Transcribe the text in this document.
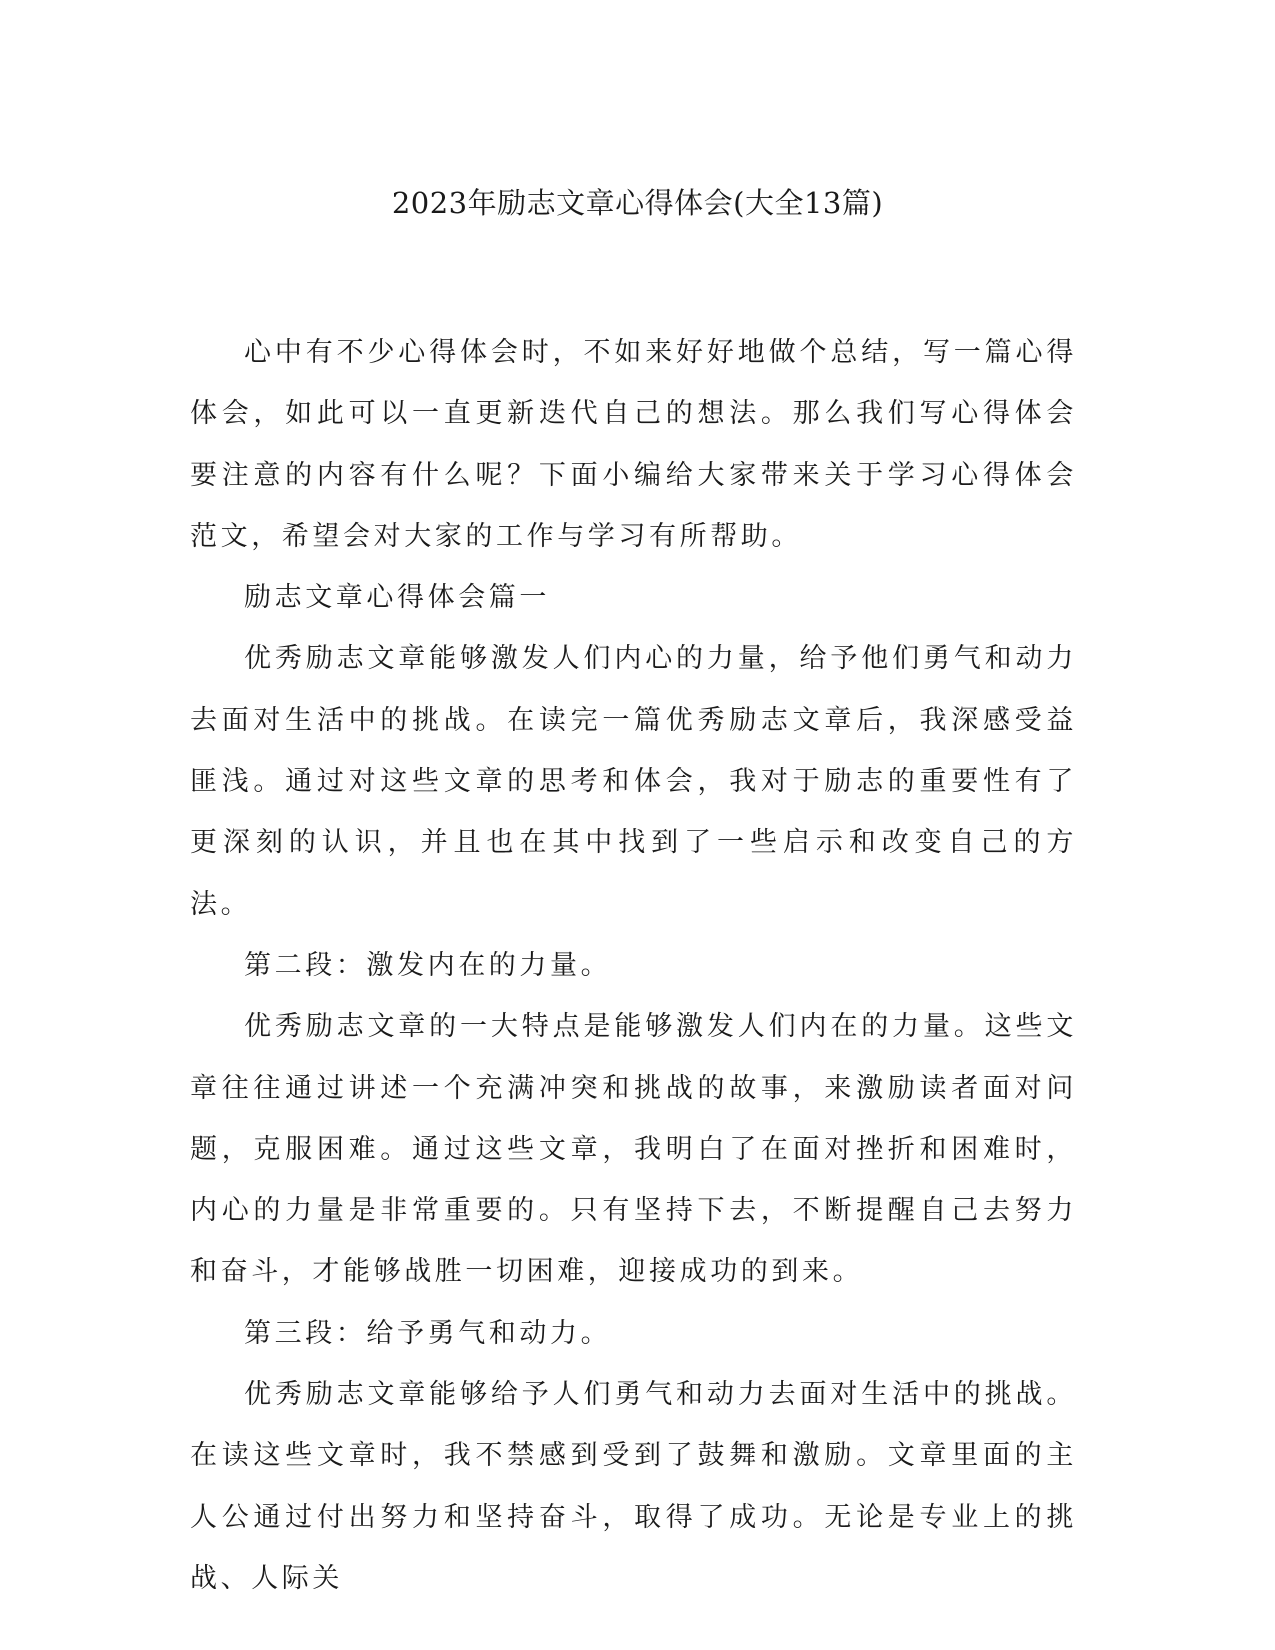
2023年励志文章心得体会(大全13篇)

心中有不少心得体会时，不如来好好地做个总结，写一篇心得体会，如此可以一直更新迭代自己的想法。那么我们写心得体会要注意的内容有什么呢？下面小编给大家带来关于学习心得体会范文，希望会对大家的工作与学习有所帮助。

励志文章心得体会篇一

优秀励志文章能够激发人们内心的力量，给予他们勇气和动力去面对生活中的挑战。在读完一篇优秀励志文章后，我深感受益匪浅。通过对这些文章的思考和体会，我对于励志的重要性有了更深刻的认识，并且也在其中找到了一些启示和改变自己的方法。

第二段：激发内在的力量。

优秀励志文章的一大特点是能够激发人们内在的力量。这些文章往往通过讲述一个充满冲突和挑战的故事，来激励读者面对问题，克服困难。通过这些文章，我明白了在面对挫折和困难时，内心的力量是非常重要的。只有坚持下去，不断提醒自己去努力和奋斗，才能够战胜一切困难，迎接成功的到来。

第三段：给予勇气和动力。

优秀励志文章能够给予人们勇气和动力去面对生活中的挑战。在读这些文章时，我不禁感到受到了鼓舞和激励。文章里面的主人公通过付出努力和坚持奋斗，取得了成功。无论是专业上的挑战、人际关
